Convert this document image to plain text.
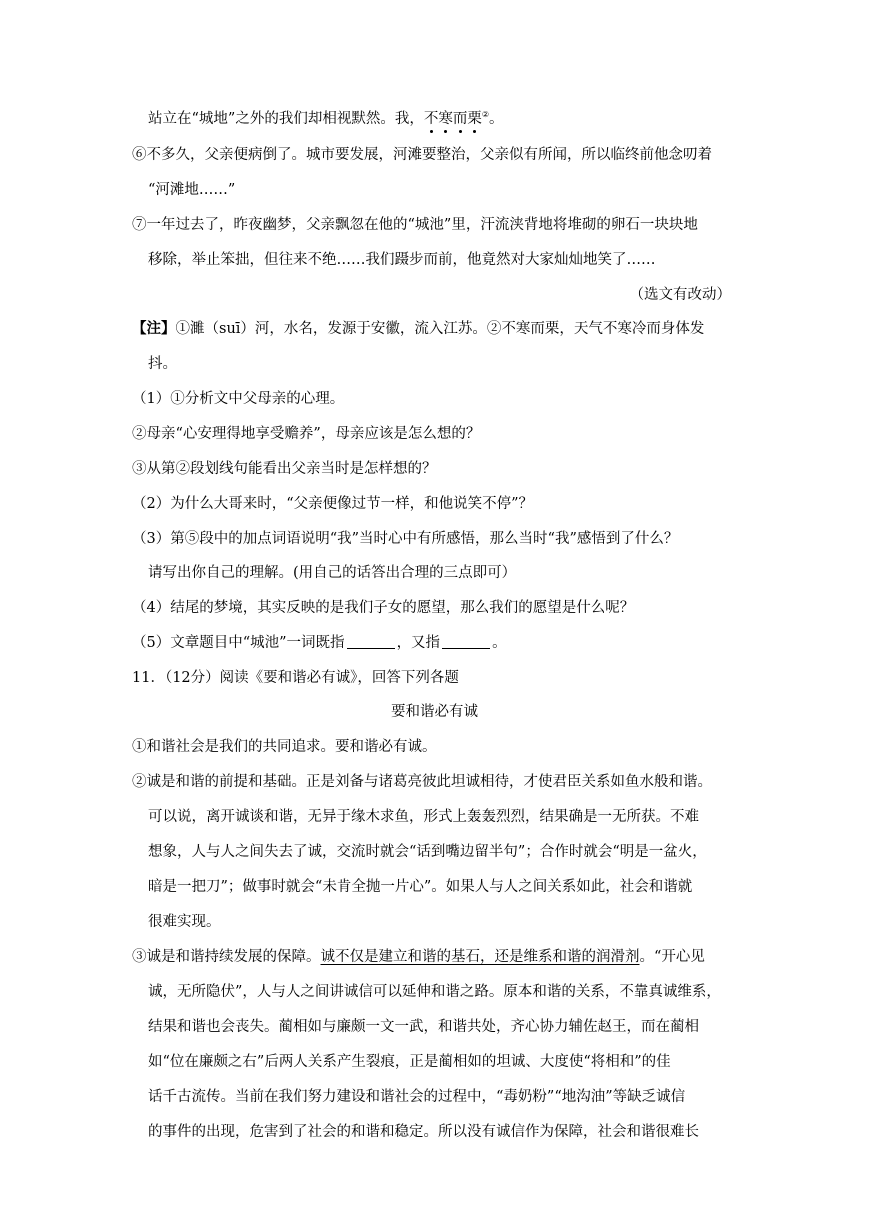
站立在“城地”之外的我们却相视默然。我，不寒而栗②。
⑥不多久，父亲便病倒了。城市要发展，河滩要整治，父亲似有所闻，所以临终前他念叨着
“河滩地……”
⑦一年过去了，昨夜幽梦，父亲飘忽在他的“城池”里，汗流浃背地将堆砌的卵石一块块地
移除，举止笨拙，但往来不绝……我们蹑步而前，他竟然对大家灿灿地笑了……
（选文有改动）
【注】①濉（suī）河，水名，发源于安徽，流入江苏。②不寒而栗，天气不寒冷而身体发
抖。
（1）①分析文中父母亲的心理。
②母亲“心安理得地享受赡养”，母亲应该是怎么想的？
③从第②段划线句能看出父亲当时是怎样想的？
（2）为什么大哥来时，“父亲便像过节一样，和他说笑不停”？
（3）第⑤段中的加点词语说明“我”当时心中有所感悟，那么当时“我”感悟到了什么？
请写出你自己的理解。(用自己的话答出合理的三点即可）
（4）结尾的梦境，其实反映的是我们子女的愿望，那么我们的愿望是什么呢？
（5）文章题目中“城池”一词既指	，又指	。
11．（12分）阅读《要和谐必有诚》，回答下列各题
要和谐必有诚
①和谐社会是我们的共同追求。要和谐必有诚。
②诚是和谐的前提和基础。正是刘备与诸葛亮彼此坦诚相待，才使君臣关系如鱼水般和谐。
可以说，离开诚谈和谐，无异于缘木求鱼，形式上轰轰烈烈，结果确是一无所获。不难
想象，人与人之间失去了诚，交流时就会“话到嘴边留半句”；合作时就会“明是一盆火，
暗是一把刀”；做事时就会“未肯全抛一片心”。如果人与人之间关系如此，社会和谐就
很难实现。
③诚是和谐持续发展的保障。诚不仅是建立和谐的基石，还是维系和谐的润滑剂。“开心见
诚，无所隐伏”，人与人之间讲诚信可以延伸和谐之路。原本和谐的关系，不靠真诚维系，
结果和谐也会丧失。蔺相如与廉颇一文一武，和谐共处，齐心协力辅佐赵王，而在蔺相
如“位在廉颇之右”后两人关系产生裂痕，正是蔺相如的坦诚、大度使“将相和”的佳
话千古流传。当前在我们努力建设和谐社会的过程中，“毒奶粉”“地沟油”等缺乏诚信
的事件的出现，危害到了社会的和谐和稳定。所以没有诚信作为保障，社会和谐很难长
